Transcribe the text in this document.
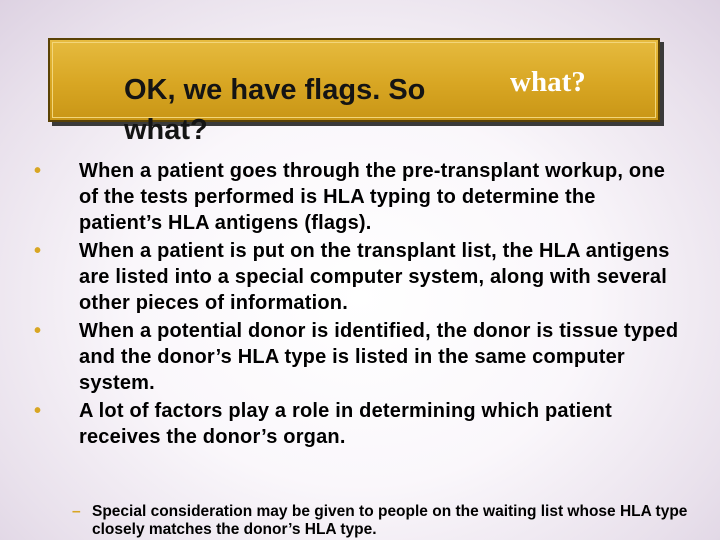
what?
OK, we have flags. So what?
• When a patient goes through the pre-transplant workup, one of the tests performed is HLA typing to determine the patient’s HLA antigens (flags).
• When a patient is put on the transplant list, the HLA antigens are listed into a special computer system, along with several other pieces of information.
• When a potential donor is identified, the donor is tissue typed and the donor’s HLA type is listed in the same computer system.
• A lot of factors play a role in determining which patient receives the donor’s organ.
– Special consideration may be given to people on the waiting list whose HLA type closely matches the donor’s HLA type.
